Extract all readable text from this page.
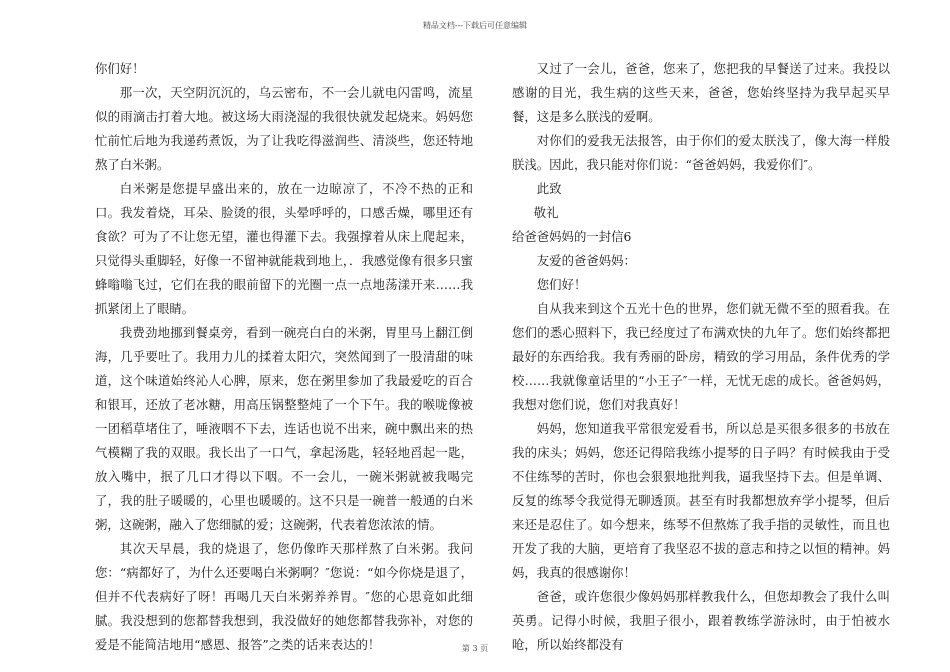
精品文档---下载后可任意编辑

你们好！

那一次，天空阴沉沉的，乌云密布，不一会儿就电闪雷鸣，流星似的雨滴击打着大地。被这场大雨浇湿的我很快就发起烧来。妈妈您忙前忙后地为我递药煮饭，为了让我吃得滋润些、清淡些，您还特地熬了白米粥。

白米粥是您提早盛出来的，放在一边晾凉了，不冷不热的正和口。我发着烧，耳朵、脸烫的很，头晕呼呼的，口感舌燥，哪里还有食欲？可为了不让您无望，灌也得灌下去。我强撑着从床上爬起来，只觉得头重脚轻，好像一不留神就能栽到地上，．我感觉像有很多只蜜蜂嗡嗡飞过，它们在我的眼前留下的光圈一点一点地荡漾开来……我抓紧闭上了眼睛。

我费劲地挪到餐桌旁，看到一碗亮白白的米粥，胃里马上翻江倒海，几乎要吐了。我用力儿的揉着太阳穴，突然闻到了一股清甜的味道，这个味道始终沁人心脾，原来，您在粥里参加了我最爱吃的百合和银耳，还放了老冰糖，用高压锅整整炖了一个下午。我的喉咙像被一团稻草堵住了，唾液咽不下去，连话也说不出来，碗中飘出来的热气模糊了我的双眼。我长出了一口气，拿起汤匙，轻轻地舀起一匙，放入嘴中，抿了几口才得以下咽。不一会儿，一碗米粥就被我喝完了，我的肚子暖暖的，心里也暖暖的。这不只是一碗普一般通的白米粥，这碗粥，融入了您细腻的爱；这碗粥，代表着您浓浓的情。

其次天早晨，我的烧退了，您仍像昨天那样熬了白米粥。我问您：“病都好了，为什么还要喝白米粥啊？″您说：“如今你烧是退了，但并不代表病好了呀！再喝几天白米粥养养胃。″您的心思竟如此细腻。我没想到的您都替我想到，我没做好的她您都替我弥补，对您的爱是不能简洁地用“感恩、报答”之类的话来表达的！

又过了一会儿，爸爸，您来了，您把我的早餐送了过来。我投以感谢的目光，我生病的这些天来，爸爸，您始终坚持为我早起买早餐，这是多么朕浅的爱啊。

对你们的爱我无法报答，由于你们的爱太朕浅了，像大海一样般朕浅。因此，我只能对你们说：“爸爸妈妈，我爱你们″。

此致

敬礼

给爸爸妈妈的一封信6

友爱的爸爸妈妈：

您们好！

自从我来到这个五光十色的世界，您们就无微不至的照看我。在您们的悉心照料下，我已经度过了布满欢快的九年了。您们始终都把最好的东西给我。我有秀丽的卧房，精致的学习用品，条件优秀的学校……我就像童话里的“小王子″一样，无忧无虑的成长。爸爸妈妈，我想对您们说，您们对我真好！

妈妈，您知道我平常很宠爱看书，所以总是买很多很多的书放在我的床头；妈妈，您还记得陪我练小提琴的日子吗？有时候我由于受不住练琴的苦时，你也会狠狠地批判我，逼我坚持下去。但是单调、反复的练琴令我觉得无聊透顶。甚至有时我都想放弃学小提琴，但后来还是忍住了。如今想来，练琴不但熬炼了我手指的灵敏性，而且也开发了我的大脑，更培育了我坚忍不拔的意志和持之以恒的精神。妈妈，我真的很感谢你！

爸爸，或许您很少像妈妈那样教我什么，但您却教会了我什么叫英勇。记得小时候，我胆子很小，跟着教练学游泳时，由于怕被水呛，所以始终都没有

第 3 页
